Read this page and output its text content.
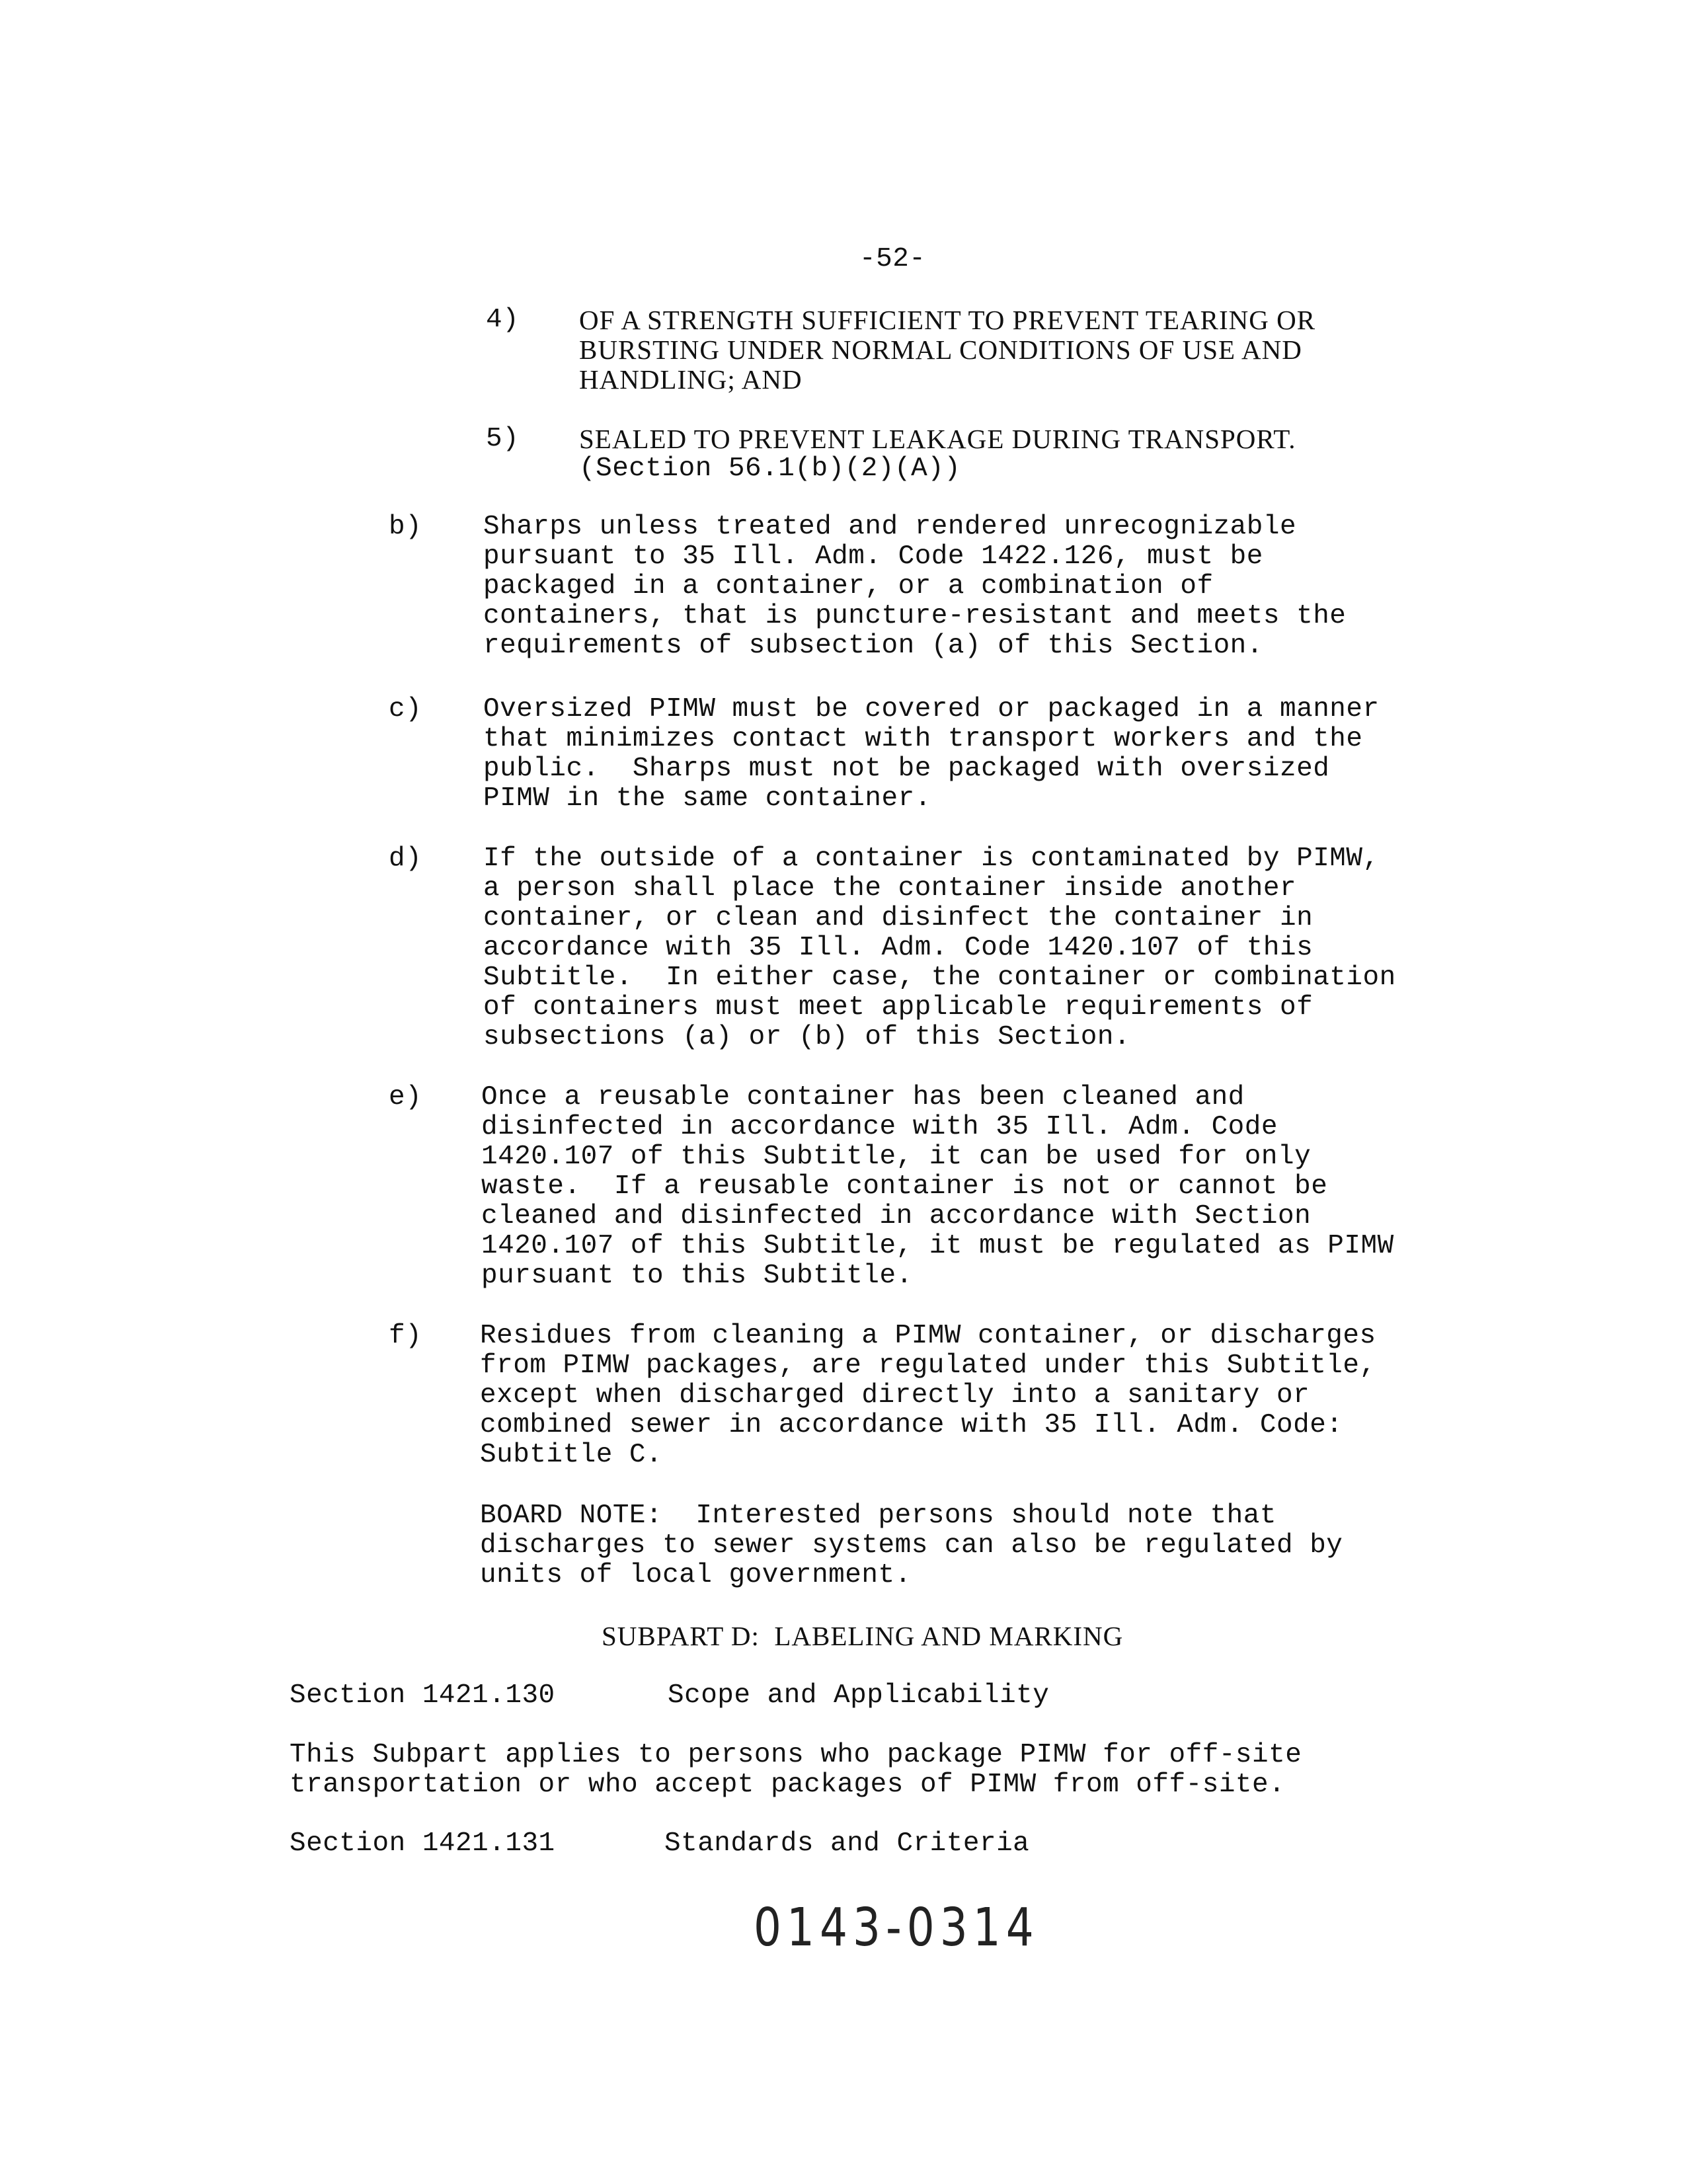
-52-
4) OF A STRENGTH SUFFICIENT TO PREVENT TEARING OR
BURSTING UNDER NORMAL CONDITIONS OF USE AND
HANDLING; AND
5) SEALED TO PREVENT LEAKAGE DURING TRANSPORT.
(Section 56.1(b)(2)(A))
b) Sharps unless treated and rendered unrecognizable
pursuant to 35 Ill. Adm. Code 1422.126, must be
packaged in a container, or a combination of
containers, that is puncture-resistant and meets the
requirements of subsection (a) of this Section.
c) Oversized PIMW must be covered or packaged in a manner
that minimizes contact with transport workers and the
public.  Sharps must not be packaged with oversized
PIMW in the same container.
d) If the outside of a container is contaminated by PIMW,
a person shall place the container inside another
container, or clean and disinfect the container in
accordance with 35 Ill. Adm. Code 1420.107 of this
Subtitle.  In either case, the container or combination
of containers must meet applicable requirements of
subsections (a) or (b) of this Section.
e) Once a reusable container has been cleaned and
disinfected in accordance with 35 Ill. Adm. Code
1420.107 of this Subtitle, it can be used for only
waste.  If a reusable container is not or cannot be
cleaned and disinfected in accordance with Section
1420.107 of this Subtitle, it must be regulated as PIMW
pursuant to this Subtitle.
f) Residues from cleaning a PIMW container, or discharges
from PIMW packages, are regulated under this Subtitle,
except when discharged directly into a sanitary or
combined sewer in accordance with 35 Ill. Adm. Code:
Subtitle C.
BOARD NOTE:  Interested persons should note that
discharges to sewer systems can also be regulated by
units of local government.
SUBPART D:  LABELING AND MARKING
Section 1421.130	Scope and Applicability
This Subpart applies to persons who package PIMW for off-site
transportation or who accept packages of PIMW from off-site.
Section 1421.131	Standards and Criteria
0143-0314
